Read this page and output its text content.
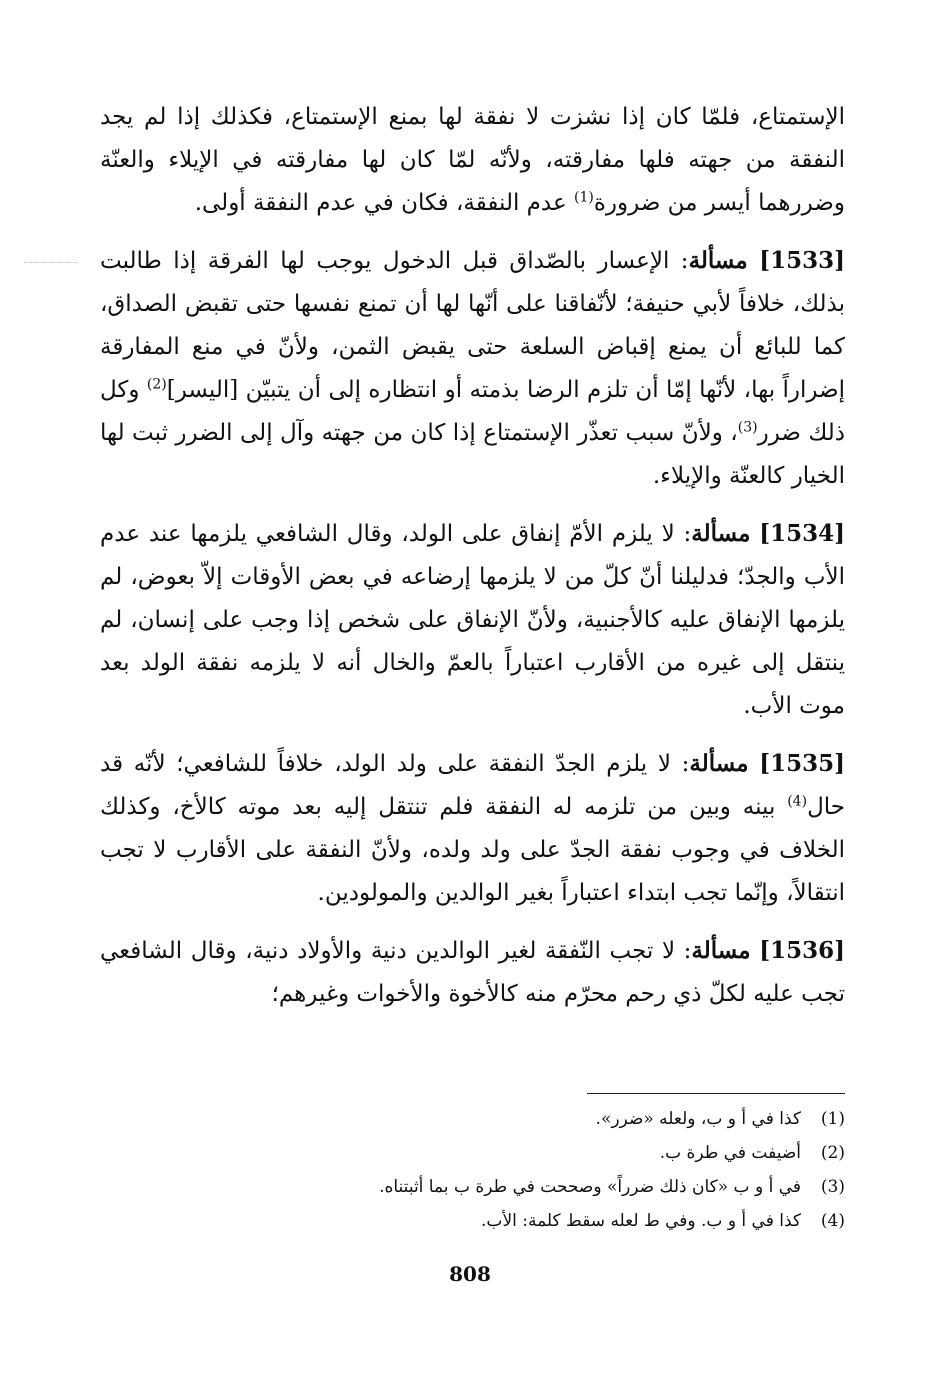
الإستمتاع، فلمّا كان إذا نشزت لا نفقة لها بمنع الإستمتاع، فكذلك إذا لم يجد النفقة من جهته فلها مفارقته، ولأنّه لمّا كان لها مفارقته في الإيلاء والعنّة وضررهما أيسر من ضرورة$^{(1)}$ عدم النفقة، فكان في عدم النفقة أولى.

[1533] مسألة: الإعسار بالصّداق قبل الدخول يوجب لها الفرقة إذا طالبت بذلك، خلافاً لأبي حنيفة؛ لأنّفاقنا على أنّها لها أن تمنع نفسها حتى تقبض الصداق، كما للبائع أن يمنع إقباض السلعة حتى يقبض الثمن، ولأنّ في منع المفارقة إضراراً بها، لأنّها إمّا أن تلزم الرضا بذمته أو انتظاره إلى أن يتبيّن [اليسر]$^{(2)}$ وكل ذلك ضرر$^{(3)}$، ولأنّ سبب تعذّر الإستمتاع إذا كان من جهته وآل إلى الضرر ثبت لها الخيار كالعنّة والإيلاء.

[1534] مسألة: لا يلزم الأمّ إنفاق على الولد، وقال الشافعي يلزمها عند عدم الأب والجدّ؛ فدليلنا أنّ كلّ من لا يلزمها إرضاعه في بعض الأوقات إلاّ بعوض، لم يلزمها الإنفاق عليه كالأجنبية، ولأنّ الإنفاق على شخص إذا وجب على إنسان، لم ينتقل إلى غيره من الأقارب اعتباراً بالعمّ والخال أنه لا يلزمه نفقة الولد بعد موت الأب.

[1535] مسألة: لا يلزم الجدّ النفقة على ولد الولد، خلافاً للشافعي؛ لأنّه قد حال$^{(4)}$ بينه وبين من تلزمه له النفقة فلم تنتقل إليه بعد موته كالأخ، وكذلك الخلاف في وجوب نفقة الجدّ على ولد ولده، ولأنّ النفقة على الأقارب لا تجب انتقالاً، وإنّما تجب ابتداء اعتباراً بغير الوالدين والمولودين.

[1536] مسألة: لا تجب النّفقة لغير الوالدين دنية والأولاد دنية، وقال الشافعي تجب عليه لكلّ ذي رحم محرّم منه كالأخوة والأخوات وغيرهم؛

(1)
كذا في أ و ب، ولعله «ضرر».
(2)
أضيفت في طرة ب.
(3)
في أ و ب «كان ذلك ضرراً» وصححت في طرة ب بما أثبتناه.
(4)
كذا في أ و ب. وفي ط لعله سقط كلمة: الأب.
808
